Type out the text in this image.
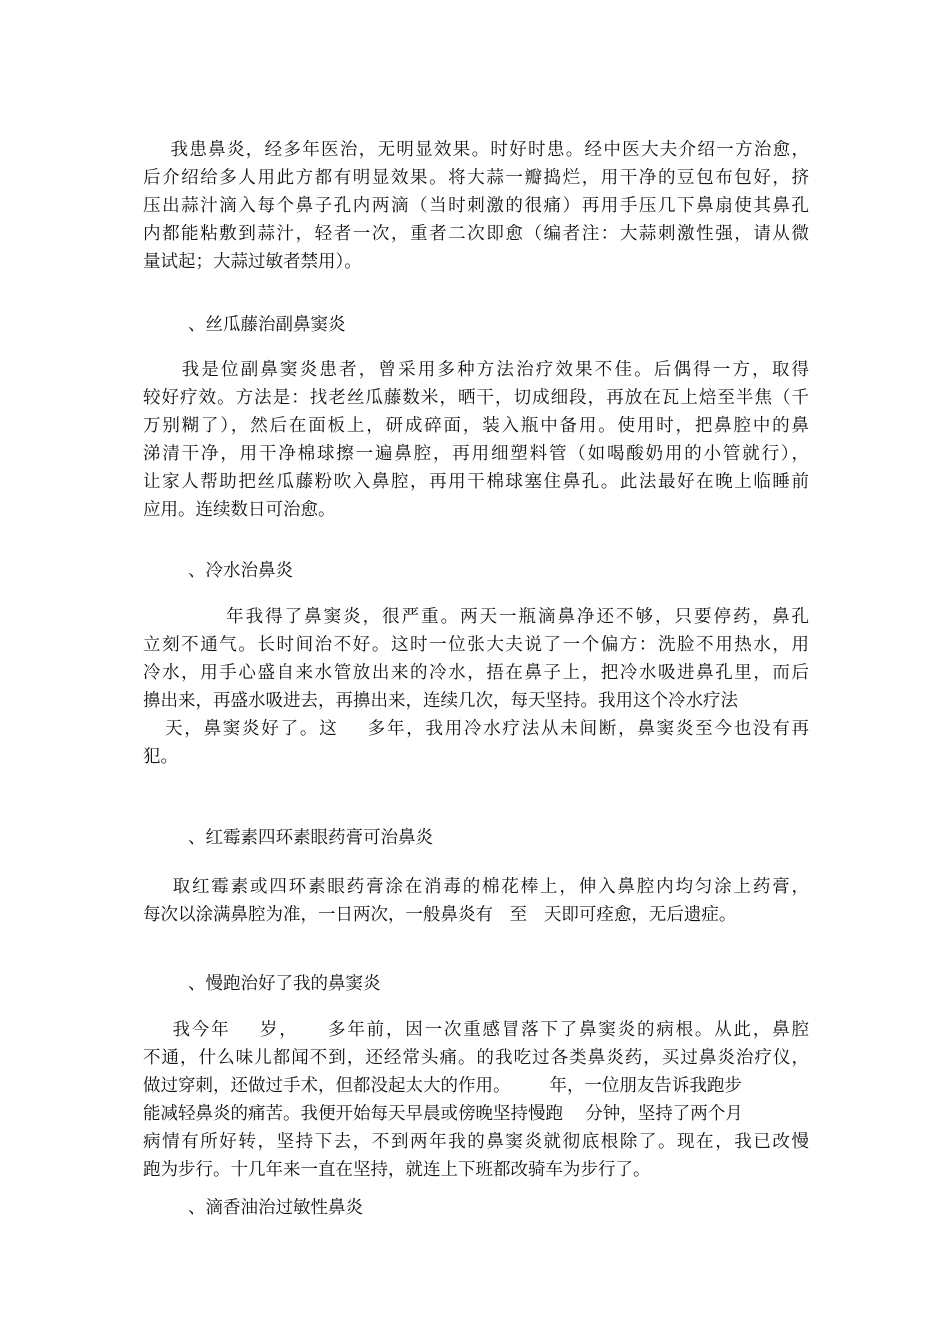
我患鼻炎，经多年医治，无明显效果。时好时患。经中医大夫介绍一方治愈，
后介绍给多人用此方都有明显效果。将大蒜一瓣捣烂，用干净的豆包布包好，挤
压出蒜汁滴入每个鼻子孔内两滴（当时刺激的很痛）再用手压几下鼻扇使其鼻孔
内都能粘敷到蒜汁，轻者一次，重者二次即愈（编者注：大蒜刺激性强，请从微
量试起；大蒜过敏者禁用）。
、丝瓜藤治副鼻窦炎
我是位副鼻窦炎患者，曾采用多种方法治疗效果不佳。后偶得一方，取得
较好疗效。方法是：找老丝瓜藤数米，晒干，切成细段，再放在瓦上焙至半焦（千
万别糊了），然后在面板上，研成碎面，装入瓶中备用。使用时，把鼻腔中的鼻
涕清干净，用干净棉球擦一遍鼻腔，再用细塑料管（如喝酸奶用的小管就行），
让家人帮助把丝瓜藤粉吹入鼻腔，再用干棉球塞住鼻孔。此法最好在晚上临睡前
应用。连续数日可治愈。
、冷水治鼻炎
年我得了鼻窦炎，很严重。两天一瓶滴鼻净还不够，只要停药，鼻孔
立刻不通气。长时间治不好。这时一位张大夫说了一个偏方：洗脸不用热水，用
冷水，用手心盛自来水管放出来的冷水，捂在鼻子上，把冷水吸进鼻孔里，而后
擤出来，再盛水吸进去，再擤出来，连续几次，每天坚持。我用这个冷水疗法
天，鼻窦炎好了。这    多年，我用冷水疗法从未间断，鼻窦炎至今也没有再
犯。
、红霉素四环素眼药膏可治鼻炎
取红霉素或四环素眼药膏涂在消毒的棉花棒上，伸入鼻腔内均匀涂上药膏，
每次以涂满鼻腔为准，一日两次，一般鼻炎有   至   天即可痊愈，无后遗症。
、慢跑治好了我的鼻窦炎
我今年    岁，    多年前，因一次重感冒落下了鼻窦炎的病根。从此，鼻腔
不通，什么味儿都闻不到，还经常头痛。的我吃过各类鼻炎药，买过鼻炎治疗仪，
做过穿刺，还做过手术，但都没起太大的作用。       年，一位朋友告诉我跑步
能减轻鼻炎的痛苦。我便开始每天早晨或傍晚坚持慢跑    分钟，坚持了两个月
病情有所好转，坚持下去，不到两年我的鼻窦炎就彻底根除了。现在，我已改慢
跑为步行。十几年来一直在坚持，就连上下班都改骑车为步行了。
、滴香油治过敏性鼻炎
